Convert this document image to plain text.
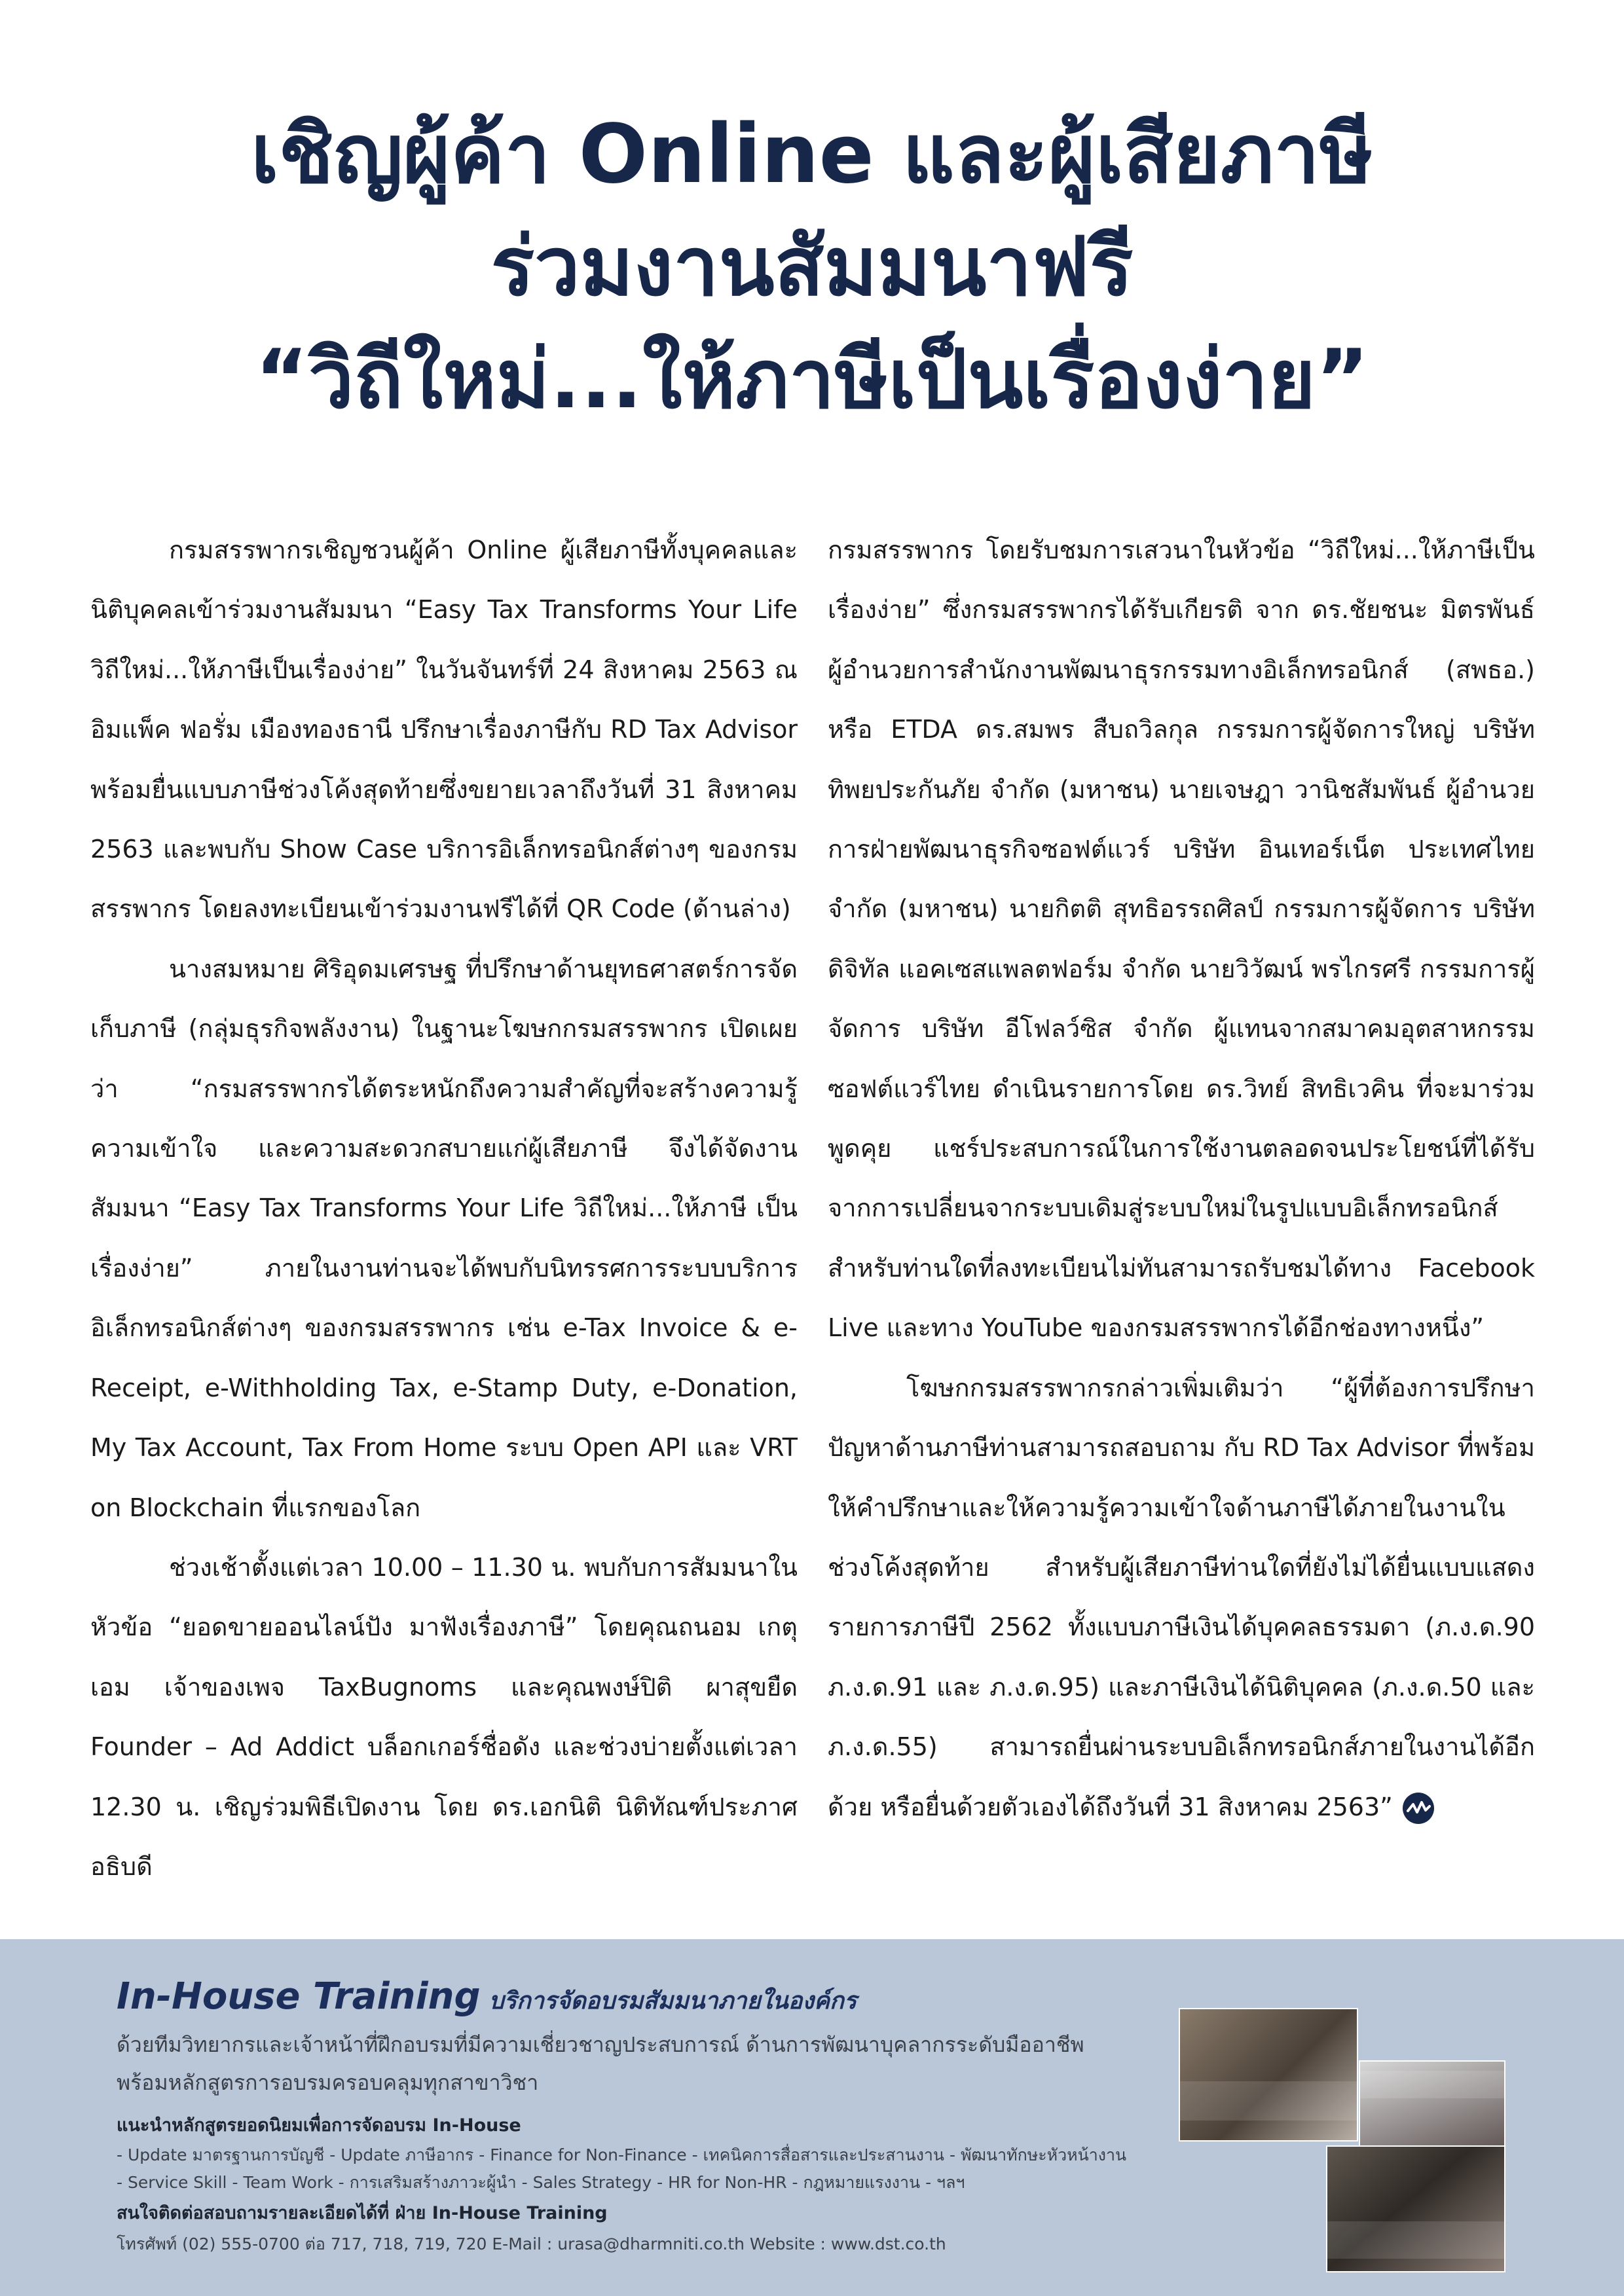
เชิญผู้ค้า Online และผู้เสียภาษี
ร่วมงานสัมมนาฟรี
“วิถีใหม่...ให้ภาษีเป็นเรื่องง่าย”

กรมสรรพากรเชิญชวนผู้ค้า Online ผู้เสียภาษีทั้งบุคคลและนิติบุคคลเข้าร่วมงานสัมมนา “Easy Tax Transforms Your Life วิถีใหม่...ให้ภาษีเป็นเรื่องง่าย” ในวันจันทร์ที่ 24 สิงหาคม 2563 ณ อิมแพ็ค ฟอรั่ม เมืองทองธานี ปรึกษาเรื่องภาษีกับ RD Tax Advisor พร้อมยื่นแบบภาษีช่วงโค้งสุดท้ายซึ่งขยายเวลาถึงวันที่ 31 สิงหาคม 2563 และพบกับ Show Case บริการอิเล็กทรอนิกส์ต่างๆ ของกรมสรรพากร โดยลงทะเบียนเข้าร่วมงานฟรีได้ที่ QR Code (ด้านล่าง)

นางสมหมาย ศิริอุดมเศรษฐ ที่ปรึกษาด้านยุทธศาสตร์การจัดเก็บภาษี (กลุ่มธุรกิจพลังงาน) ในฐานะโฆษกกรมสรรพากร เปิดเผยว่า “กรมสรรพากรได้ตระหนักถึงความสำคัญที่จะสร้างความรู้ ความเข้าใจ และความสะดวกสบายแก่ผู้เสียภาษี จึงได้จัดงานสัมมนา “Easy Tax Transforms Your Life วิถีใหม่...ให้ภาษี เป็นเรื่องง่าย” ภายในงานท่านจะได้พบกับนิทรรศการระบบบริการอิเล็กทรอนิกส์ต่างๆ ของกรมสรรพากร เช่น e-Tax Invoice & e-Receipt, e-Withholding Tax, e-Stamp Duty, e-Donation, My Tax Account, Tax From Home ระบบ Open API และ VRT on Blockchain ที่แรกของโลก

ช่วงเช้าตั้งแต่เวลา 10.00 – 11.30 น. พบกับการสัมมนาในหัวข้อ “ยอดขายออนไลน์ปัง มาฟังเรื่องภาษี” โดยคุณถนอม เกตุเอม เจ้าของเพจ TaxBugnoms และคุณพงษ์ปิติ ผาสุขยืด Founder – Ad Addict บล็อกเกอร์ชื่อดัง และช่วงบ่ายตั้งแต่เวลา 12.30 น. เชิญร่วมพิธีเปิดงาน โดย ดร.เอกนิติ นิติทัณฑ์ประภาศ อธิบดี

กรมสรรพากร โดยรับชมการเสวนาในหัวข้อ “วิถีใหม่...ให้ภาษีเป็นเรื่องง่าย” ซึ่งกรมสรรพากรได้รับเกียรติ จาก ดร.ชัยชนะ มิตรพันธ์ ผู้อำนวยการสำนักงานพัฒนาธุรกรรมทางอิเล็กทรอนิกส์ (สพธอ.) หรือ ETDA ดร.สมพร สืบถวิลกุล กรรมการผู้จัดการใหญ่ บริษัท ทิพยประกันภัย จำกัด (มหาชน) นายเจษฎา วานิชสัมพันธ์ ผู้อำนวยการฝ่ายพัฒนาธุรกิจซอฟต์แวร์ บริษัท อินเทอร์เน็ต ประเทศไทย จำกัด (มหาชน) นายกิตติ สุทธิอรรถศิลป์ กรรมการผู้จัดการ บริษัท ดิจิทัล แอคเซสแพลตฟอร์ม จำกัด นายวิวัฒน์ พรไกรศรี กรรมการผู้จัดการ บริษัท อีโฟลว์ซิส จำกัด ผู้แทนจากสมาคมอุตสาหกรรมซอฟต์แวร์ไทย ดำเนินรายการโดย ดร.วิทย์ สิทธิเวคิน ที่จะมาร่วมพูดคุย แชร์ประสบการณ์ในการใช้งานตลอดจนประโยชน์ที่ได้รับจากการเปลี่ยนจากระบบเดิมสู่ระบบใหม่ในรูปแบบอิเล็กทรอนิกส์ สำหรับท่านใดที่ลงทะเบียนไม่ทันสามารถรับชมได้ทาง Facebook Live และทาง YouTube ของกรมสรรพากรได้อีกช่องทางหนึ่ง”

โฆษกกรมสรรพากรกล่าวเพิ่มเติมว่า “ผู้ที่ต้องการปรึกษาปัญหาด้านภาษีท่านสามารถสอบถาม กับ RD Tax Advisor ที่พร้อมให้คำปรึกษาและให้ความรู้ความเข้าใจด้านภาษีได้ภายในงานในช่วงโค้งสุดท้าย สำหรับผู้เสียภาษีท่านใดที่ยังไม่ได้ยื่นแบบแสดงรายการภาษีปี 2562 ทั้งแบบภาษีเงินได้บุคคลธรรมดา (ภ.ง.ด.90 ภ.ง.ด.91 และ ภ.ง.ด.95) และภาษีเงินได้นิติบุคคล (ภ.ง.ด.50 และ ภ.ง.ด.55) สามารถยื่นผ่านระบบอิเล็กทรอนิกส์ภายในงานได้อีกด้วย หรือยื่นด้วยตัวเองได้ถึงวันที่ 31 สิงหาคม 2563”

In-House Training บริการจัดอบรมสัมมนาภายในองค์กร
ด้วยทีมวิทยากรและเจ้าหน้าที่ฝึกอบรมที่มีความเชี่ยวชาญประสบการณ์ ด้านการพัฒนาบุคลากรระดับมืออาชีพ
พร้อมหลักสูตรการอบรมครอบคลุมทุกสาขาวิชา
แนะนำหลักสูตรยอดนิยมเพื่อการจัดอบรม In-House
- Update มาตรฐานการบัญชี - Update ภาษีอากร - Finance for Non-Finance - เทคนิคการสื่อสารและประสานงาน - พัฒนาทักษะหัวหน้างาน
- Service Skill - Team Work - การเสริมสร้างภาวะผู้นำ - Sales Strategy - HR for Non-HR - กฎหมายแรงงาน - ฯลฯ
สนใจติดต่อสอบถามรายละเอียดได้ที่ ฝ่าย In-House Training
โทรศัพท์ (02) 555-0700 ต่อ 717, 718, 719, 720 E-Mail : urasa@dharmniti.co.th Website : www.dst.co.th
